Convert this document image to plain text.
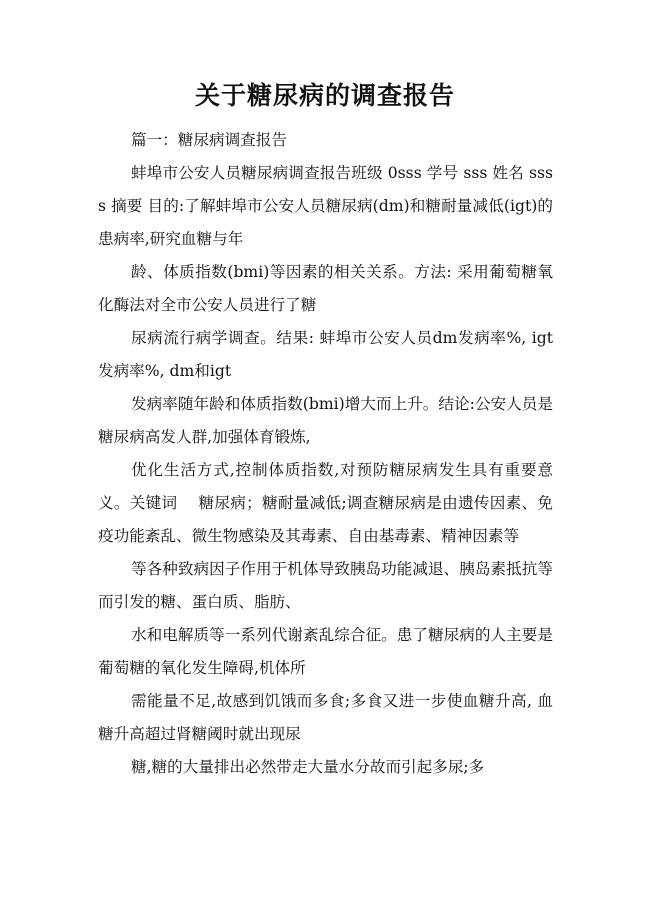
关于糖尿病的调查报告

篇一：糖尿病调查报告

蚌埠市公安人员糖尿病调查报告班级 0sss 学号 sss 姓名 ssss 摘要 目的:了解蚌埠市公安人员糖尿病(dm)和糖耐量减低(igt)的患病率,研究血糖与年

龄、体质指数(bmi)等因素的相关关系。方法: 采用葡萄糖氧化酶法对全市公安人员进行了糖

尿病流行病学调查。结果: 蚌埠市公安人员dm发病率%, igt发病率%, dm和igt

发病率随年龄和体质指数(bmi)增大而上升。结论:公安人员是糖尿病高发人群,加强体育锻炼,

优化生活方式,控制体质指数,对预防糖尿病发生具有重要意义。关键词　 糖尿病；糖耐量减低;调查糖尿病是由遗传因素、免疫功能紊乱、微生物感染及其毒素、自由基毒素、精神因素等

等各种致病因子作用于机体导致胰岛功能减退、胰岛素抵抗等而引发的糖、蛋白质、脂肪、

水和电解质等一系列代谢紊乱综合征。患了糖尿病的人主要是葡萄糖的氧化发生障碍,机体所

需能量不足,故感到饥饿而多食;多食又进一步使血糖升高, 血糖升高超过肾糖阈时就出现尿

糖,糖的大量排出必然带走大量水分故而引起多尿;多
